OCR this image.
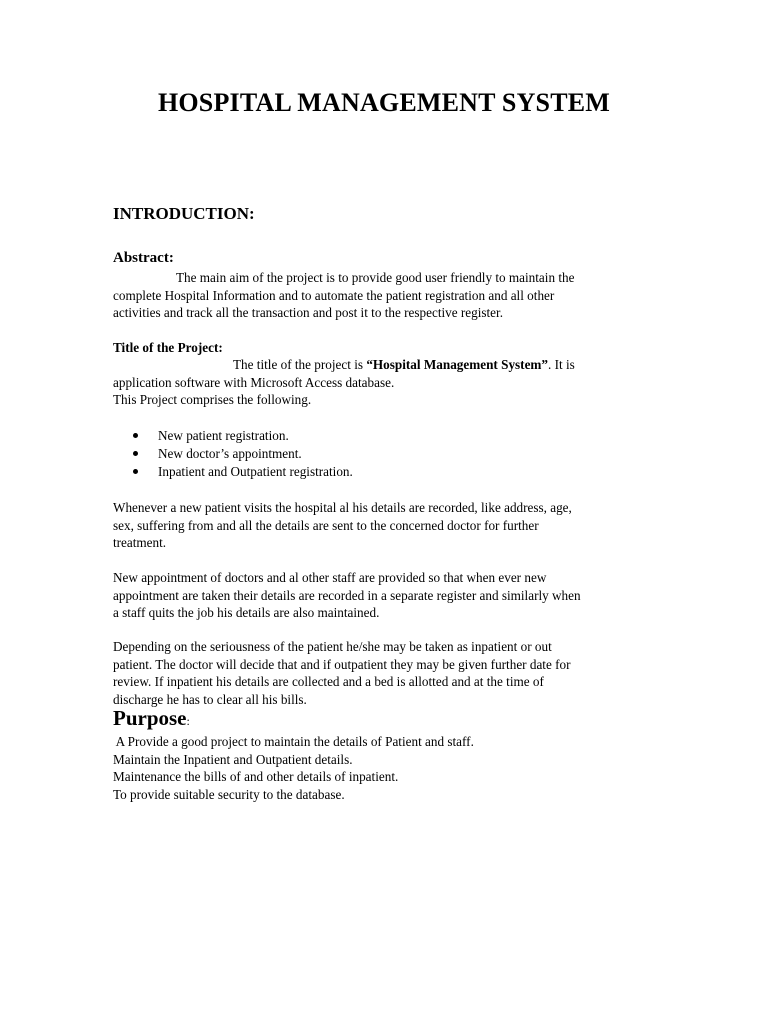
HOSPITAL MANAGEMENT SYSTEM
INTRODUCTION:
Abstract:
The main aim of the project is to provide good user friendly to maintain the
complete Hospital Information and to automate the patient registration and all other
activities and track all the transaction and post it to the respective register.
Title of the Project:
The title of the project is “Hospital Management System”. It is
application software with Microsoft Access database.
This Project comprises the following.
New patient registration.
New doctor’s appointment.
Inpatient and Outpatient registration.
Whenever a new patient visits the hospital al his details are recorded, like address, age,
sex, suffering from and all the details are sent to the concerned doctor for further
treatment.
New appointment of doctors and al other staff are provided so that when ever new
appointment are taken their details are recorded in a separate register and similarly when
a staff quits the job his details are also maintained.
Depending on the seriousness of the patient he/she may be taken as inpatient or out
patient. The doctor will decide that and if outpatient they may be given further date for
review. If inpatient his details are collected and a bed is allotted and at the time of
discharge he has to clear all his bills.
Purpose:
A Provide a good project to maintain the details of Patient and staff.
Maintain the Inpatient and Outpatient details.
Maintenance the bills of and other details of inpatient.
To provide suitable security to the database.
